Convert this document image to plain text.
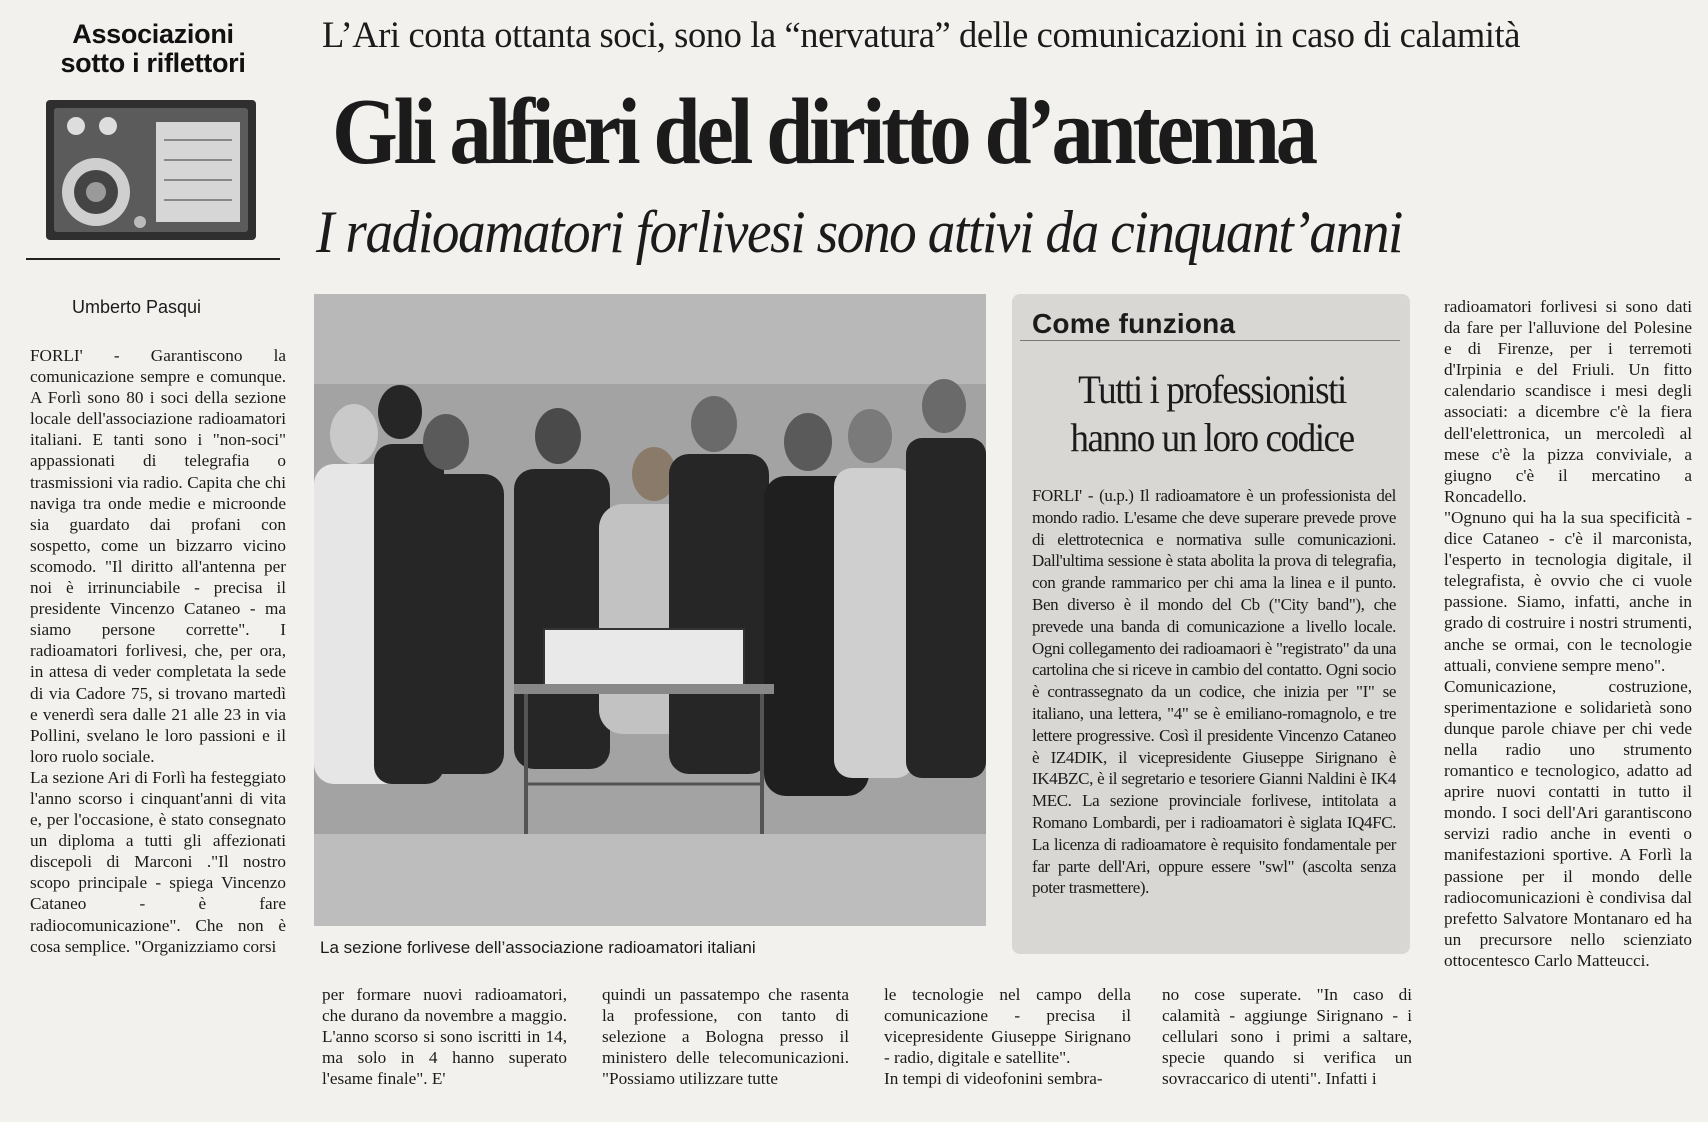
Associazioni
sotto i riflettori
L’Ari conta ottanta soci, sono la “nervatura” delle comunicazioni in caso di calamità
Gli alfieri del diritto d’antenna
I radioamatori forlivesi sono attivi da cinquant’anni
Umberto Pasqui
La sezione forlivese dell’associazione radioamatori italiani
Come funziona
Tutti i professionisti
hanno un loro codice

FORLI' - (u.p.) Il radioamatore è un professionista del mondo radio. L'esame che deve superare prevede prove di elettrotecnica e normativa sulle comunicazioni. Dall'ultima sessione è stata abolita la prova di telegrafia, con grande rammarico per chi ama la linea e il punto. Ben diverso è il mondo del Cb ("City band"), che prevede una banda di comunicazione a livello locale. Ogni collegamento dei radioamaori è "registrato" da una cartolina che si riceve in cambio del contatto. Ogni socio è contrassegnato da un codice, che inizia per "I" se italiano, una lettera, "4" se è emiliano-romagnolo, e tre lettere progressive. Così il presidente Vincenzo Cataneo è IZ4DIK, il vicepresidente Giuseppe Sirignano è IK4BZC, è il segretario e tesoriere Gianni Naldini è IK4 MEC. La sezione provinciale forlivese, intitolata a Romano Lombardi, per i radioamatori è siglata IQ4FC. La licenza di radioamatore è requisito fondamentale per far parte dell'Ari, oppure essere "swl" (ascolta senza poter trasmettere).

FORLI' - Garantiscono la comunicazione sempre e comunque. A Forlì sono 80 i soci della sezione locale dell'associazione radioamatori italiani. E tanti sono i "non-soci" appassionati di telegrafia o trasmissioni via radio. Capita che chi naviga tra onde medie e microonde sia guardato dai profani con sospetto, come un bizzarro vicino scomodo. "Il diritto all'antenna per noi è irrinunciabile - precisa il presidente Vincenzo Cataneo - ma siamo persone corrette". I radioamatori forlivesi, che, per ora, in attesa di veder completata la sede di via Cadore 75, si trovano martedì e venerdì sera dalle 21 alle 23 in via Pollini, svelano le loro passioni e il loro ruolo sociale.

La sezione Ari di Forlì ha festeggiato l'anno scorso i cinquant'anni di vita e, per l'occasione, è stato consegnato un diploma a tutti gli affezionati discepoli di Marconi ."Il nostro scopo principale - spiega Vincenzo Cataneo - è fare radiocomunicazione". Che non è cosa semplice. "Organizziamo corsi

per formare nuovi radioamatori, che durano da novembre a maggio. L'anno scorso si sono iscritti in 14, ma solo in 4 hanno superato l'esame finale". E'

quindi un passatempo che rasenta la professione, con tanto di selezione a Bologna presso il ministero delle telecomunicazioni. "Possiamo utilizzare tutte

le tecnologie nel campo della comunicazione - precisa il vicepresidente Giuseppe Sirignano - radio, digitale e satellite".

In tempi di videofonini sembra-

no cose superate. "In caso di calamità - aggiunge Sirignano - i cellulari sono i primi a saltare, specie quando si verifica un sovraccarico di utenti". Infatti i

radioamatori forlivesi si sono dati da fare per l'alluvione del Polesine e di Firenze, per i terremoti d'Irpinia e del Friuli. Un fitto calendario scandisce i mesi degli associati: a dicembre c'è la fiera dell'elettronica, un mercoledì al mese c'è la pizza conviviale, a giugno c'è il mercatino a Roncadello.

"Ognuno qui ha la sua specificità - dice Cataneo - c'è il marconista, l'esperto in tecnologia digitale, il telegrafista, è ovvio che ci vuole passione. Siamo, infatti, anche in grado di costruire i nostri strumenti, anche se ormai, con le tecnologie attuali, conviene sempre meno".

Comunicazione, costruzione, sperimentazione e solidarietà sono dunque parole chiave per chi vede nella radio uno strumento romantico e tecnologico, adatto ad aprire nuovi contatti in tutto il mondo. I soci dell'Ari garantiscono servizi radio anche in eventi o manifestazioni sportive. A Forlì la passione per il mondo delle radiocomunicazioni è condivisa dal prefetto Salvatore Montanaro ed ha un precursore nello scienziato ottocentesco Carlo Matteucci.
